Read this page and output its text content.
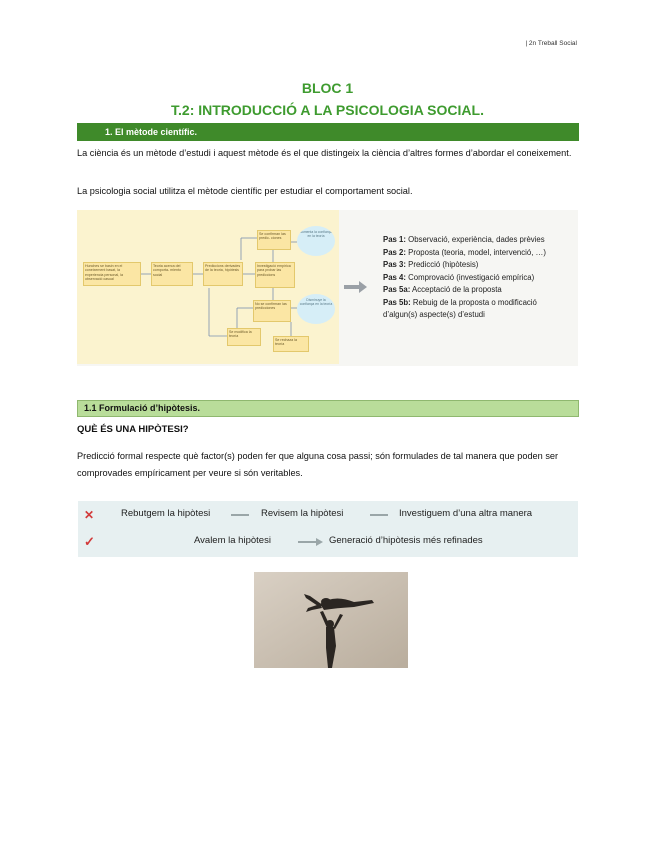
| 2n Treball Social
BLOC 1
T.2: INTRODUCCIÓ A LA PSICOLOGIA SOCIAL.
1. El mètode científic.
La ciència és un mètode d’estudi i aquest mètode és el que distingeix la ciència d’altres formes d’abordar el coneixement.
La psicologia social utilitza el mètode científic per estudiar el comportament social.
Hunches se basin en el coneixement basat, la experiencia personal, la observació casual
Teoria acerca del comporta- miento social
Prediccions derivades de la teoria, hipòtesis
Investigació empírica para probar las prediccions
Se confirman las predic- ciones
No se confirman las predicciones
Se modifica la teoría
Se rechaza la teoría
Aumenta la confiança en la teoría
Disminuye la confiança en la teoría
Pas 1: Observació, experiència, dades prèvies
Pas 2: Proposta (teoria, model, intervenció, …)
Pas 3: Predicció (hipòtesis)
Pas 4: Comprovació (investigació empírica)
Pas 5a: Acceptació de la proposta
Pas 5b: Rebuig de la proposta o modificació d’algun(s) aspecte(s) d’estudi
1.1 Formulació d’hipòtesis.
QUÈ ÉS UNA HIPÒTESI?
Predicció formal respecte què factor(s) poden fer que alguna cosa passi; són formulades de tal manera que poden ser comprovades empíricament per veure si són veritables.
✕	Rebutgem la hipòtesi	Revisem la hipòtesi	Investiguem d’una altra manera
✓	Avalem la hipòtesi	Generació d’hipòtesis més refinades
